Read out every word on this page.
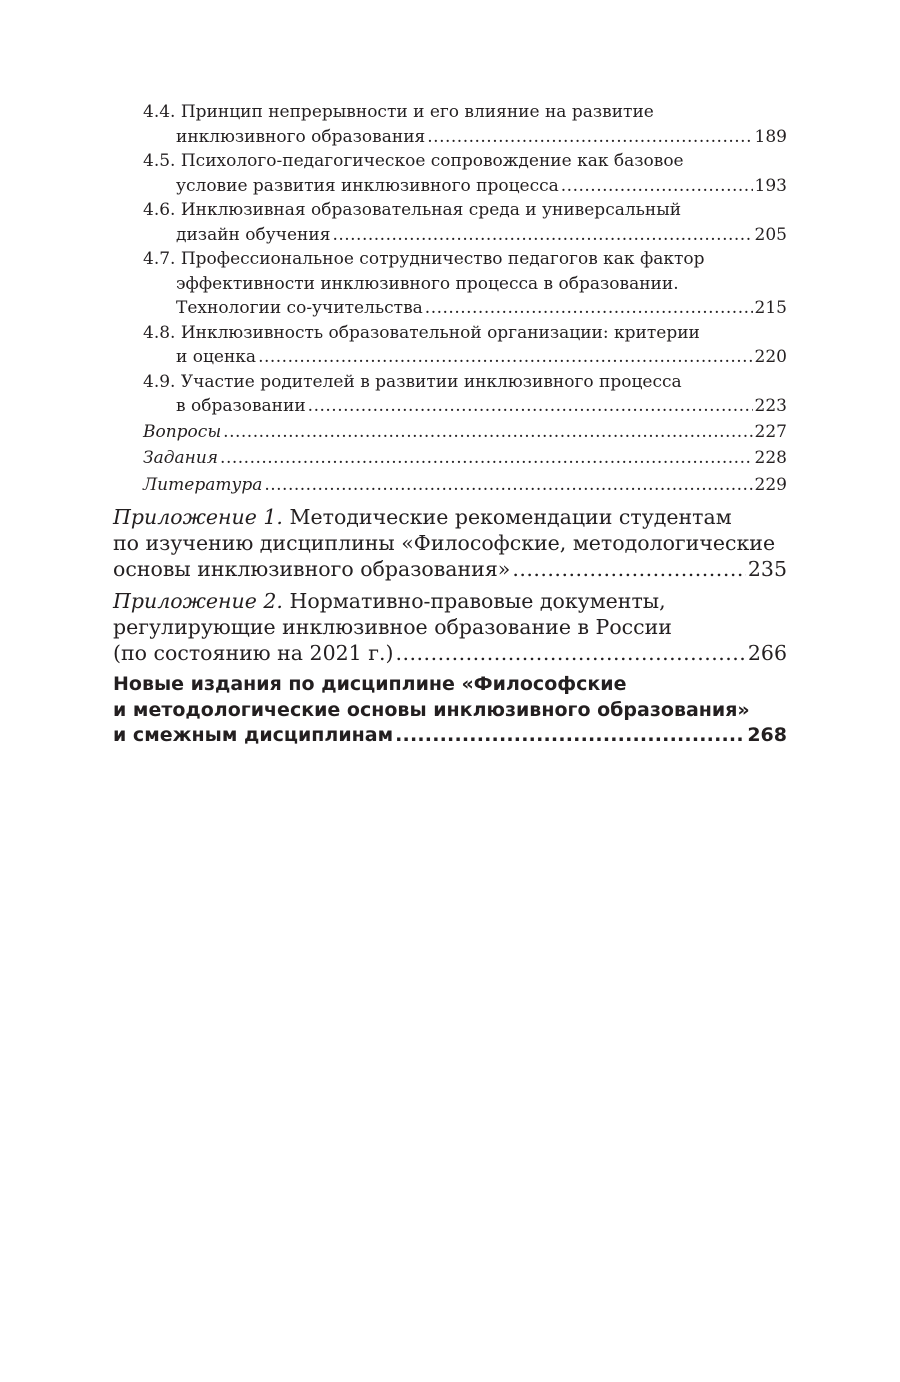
4.4. Принцип непрерывности и его влияние на развитие
инклюзивного образования .....	189
4.5. Психолого-педагогическое сопровождение как базовое
условие развития инклюзивного процесса .....	193
4.6. Инклюзивная образовательная среда и универсальный
дизайн обучения .....	205
4.7. Профессиональное сотрудничество педагогов как фактор
эффективности инклюзивного процесса в образовании.
Технологии со-учительства .....	215
4.8. Инклюзивность образовательной организации: критерии
и оценка .....	220
4.9. Участие родителей в развитии инклюзивного процесса
в образовании .....	223
Вопросы .....	227
Задания .....	228
Литература .....	229
Приложение 1.
Методические рекомендации студентам
по изучению дисциплины «Философские, методологические
основы инклюзивного образования» .....	235
Приложение 2.
Нормативно-правовые документы,
регулирующие инклюзивное образование в России
(по состоянию на 2021 г.) .....	266
Новые издания по дисциплине «Философские
и методологические основы инклюзивного образования»
и смежным дисциплинам .....	268
